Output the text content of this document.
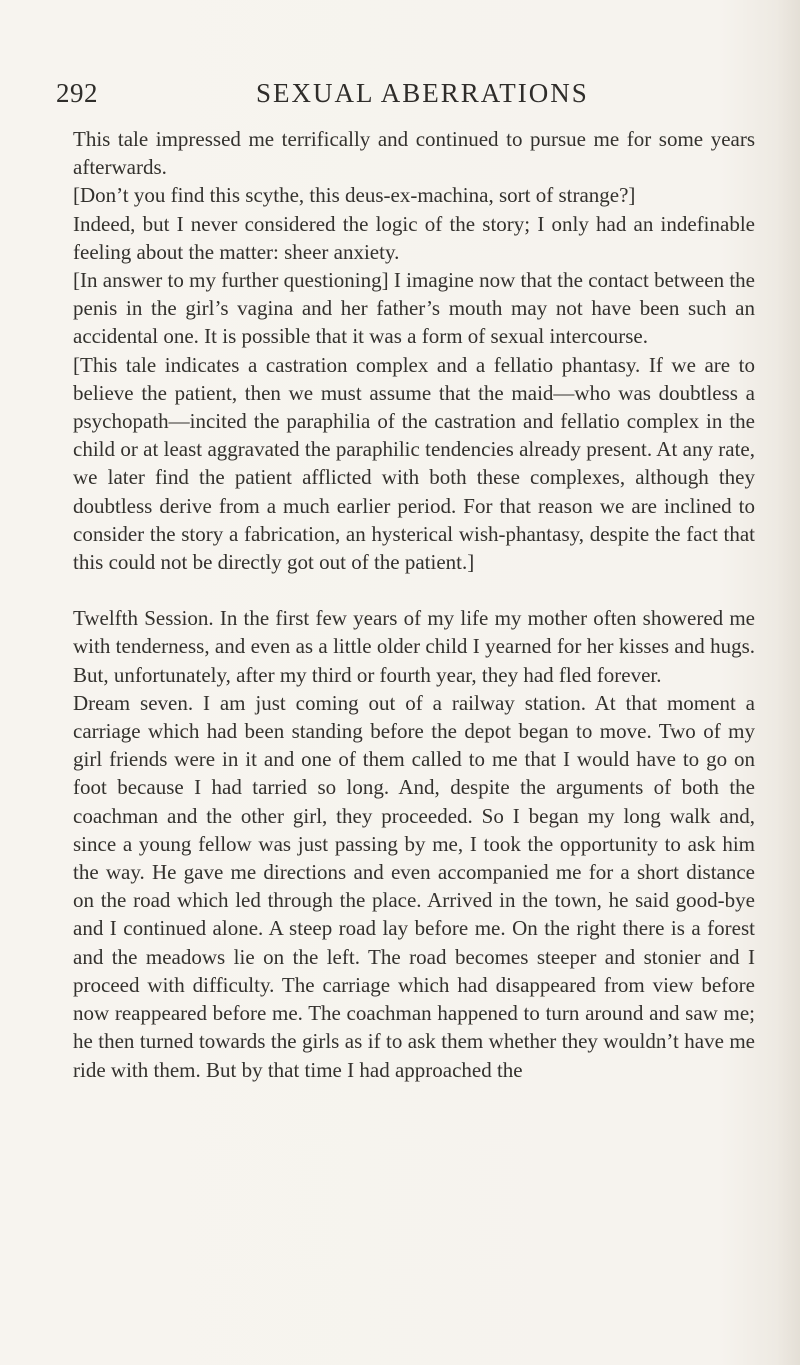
292	SEXUAL ABERRATIONS

This tale impressed me terrifically and continued to pursue me for some years afterwards.

[Don’t you find this scythe, this deus-ex-machina, sort of strange?]

Indeed, but I never considered the logic of the story; I only had an indefinable feeling about the matter: sheer anxiety.

[In answer to my further questioning] I imagine now that the contact between the penis in the girl’s vagina and her father’s mouth may not have been such an accidental one. It is possible that it was a form of sexual intercourse.

[This tale indicates a castration complex and a fellatio phantasy. If we are to believe the patient, then we must assume that the maid—who was doubtless a psychopath—incited the paraphilia of the castration and fellatio complex in the child or at least aggravated the paraphilic tendencies already present. At any rate, we later find the patient afflicted with both these complexes, although they doubtless derive from a much earlier period. For that reason we are inclined to consider the story a fabrication, an hysterical wish-phantasy, despite the fact that this could not be directly got out of the patient.]

Twelfth Session. In the first few years of my life my mother often showered me with tenderness, and even as a little older child I yearned for her kisses and hugs. But, unfortunately, after my third or fourth year, they had fled forever.

Dream seven. I am just coming out of a railway station. At that moment a carriage which had been standing before the depot began to move. Two of my girl friends were in it and one of them called to me that I would have to go on foot because I had tarried so long. And, despite the arguments of both the coachman and the other girl, they proceeded. So I began my long walk and, since a young fellow was just passing by me, I took the opportunity to ask him the way. He gave me directions and even accompanied me for a short distance on the road which led through the place. Arrived in the town, he said good-bye and I continued alone. A steep road lay before me. On the right there is a forest and the meadows lie on the left. The road becomes steeper and stonier and I proceed with difficulty. The carriage which had disappeared from view before now reappeared before me. The coachman happened to turn around and saw me; he then turned towards the girls as if to ask them whether they wouldn’t have me ride with them. But by that time I had approached the
